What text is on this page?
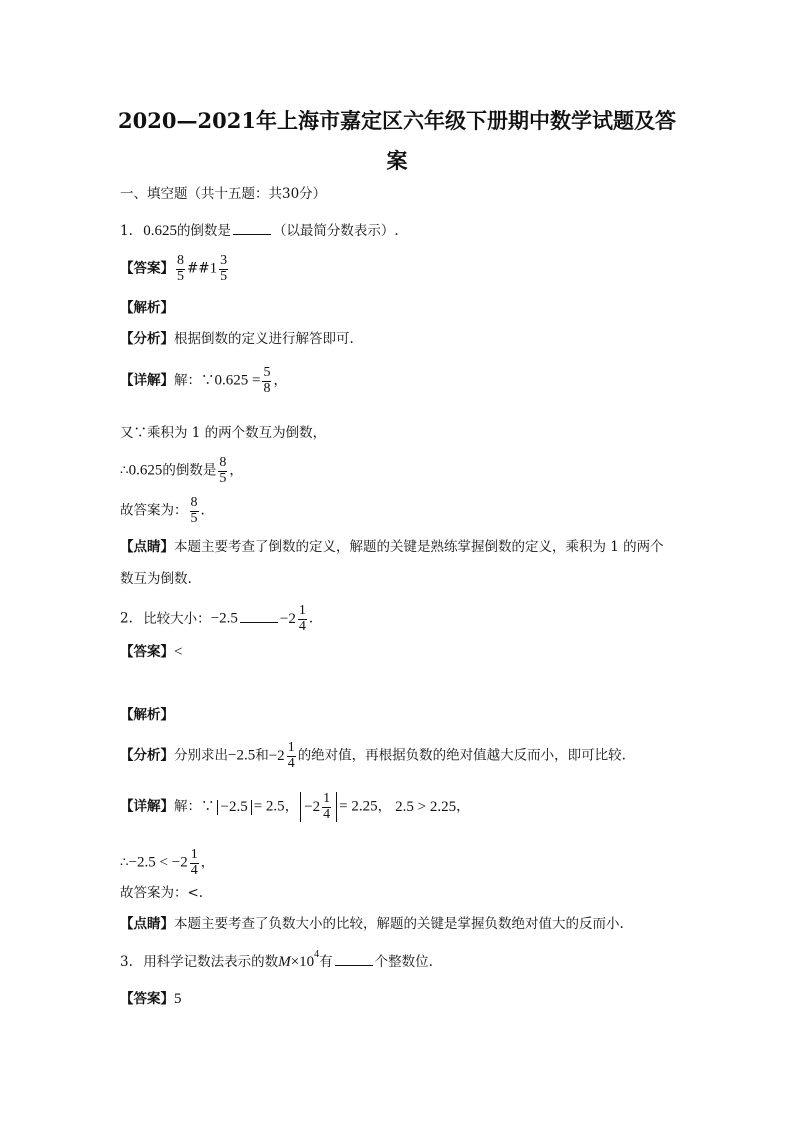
2020—2021年上海市嘉定区六年级下册期中数学试题及答
案
一、填空题（共十五题：共30分）
1. 0.625的倒数是	（以最简分数表示）.
【答案】 $\frac{8}{5}$ ##1 $\frac{3}{5}$
【解析】
【分析】根据倒数的定义进行解答即可.
【详解】解：∵0.625 = $\frac{5}{8}$ ，
又∵乘积为 1 的两个数互为倒数，
∴0.625的倒数是 $\frac{8}{5}$ ，
故答案为： $\frac{8}{5}$ .
【点睛】本题主要考查了倒数的定义，解题的关键是熟练掌握倒数的定义，乘积为 1 的两个
数互为倒数.
2. 比较大小：−2.5	$-2 \frac{1}{4}$ .
【答案】<
【解析】
【分析】分别求出−2.5和 $-2 \frac{1}{4}$ 的绝对值，再根据负数的绝对值越大反而小，即可比较.
【详解】解：∵ −2.5 = 2.5， $-2 \frac{1}{4} = 2.25$， 2.5 > 2.25，
∴−2.5 < $-2 \frac{1}{4}$ ，
故答案为：<.
【点睛】本题主要考查了负数大小的比较，解题的关键是掌握负数绝对值大的反而小.
3. 用科学记数法表示的数$M\times 10^4$有	个整数位.
【答案】5
